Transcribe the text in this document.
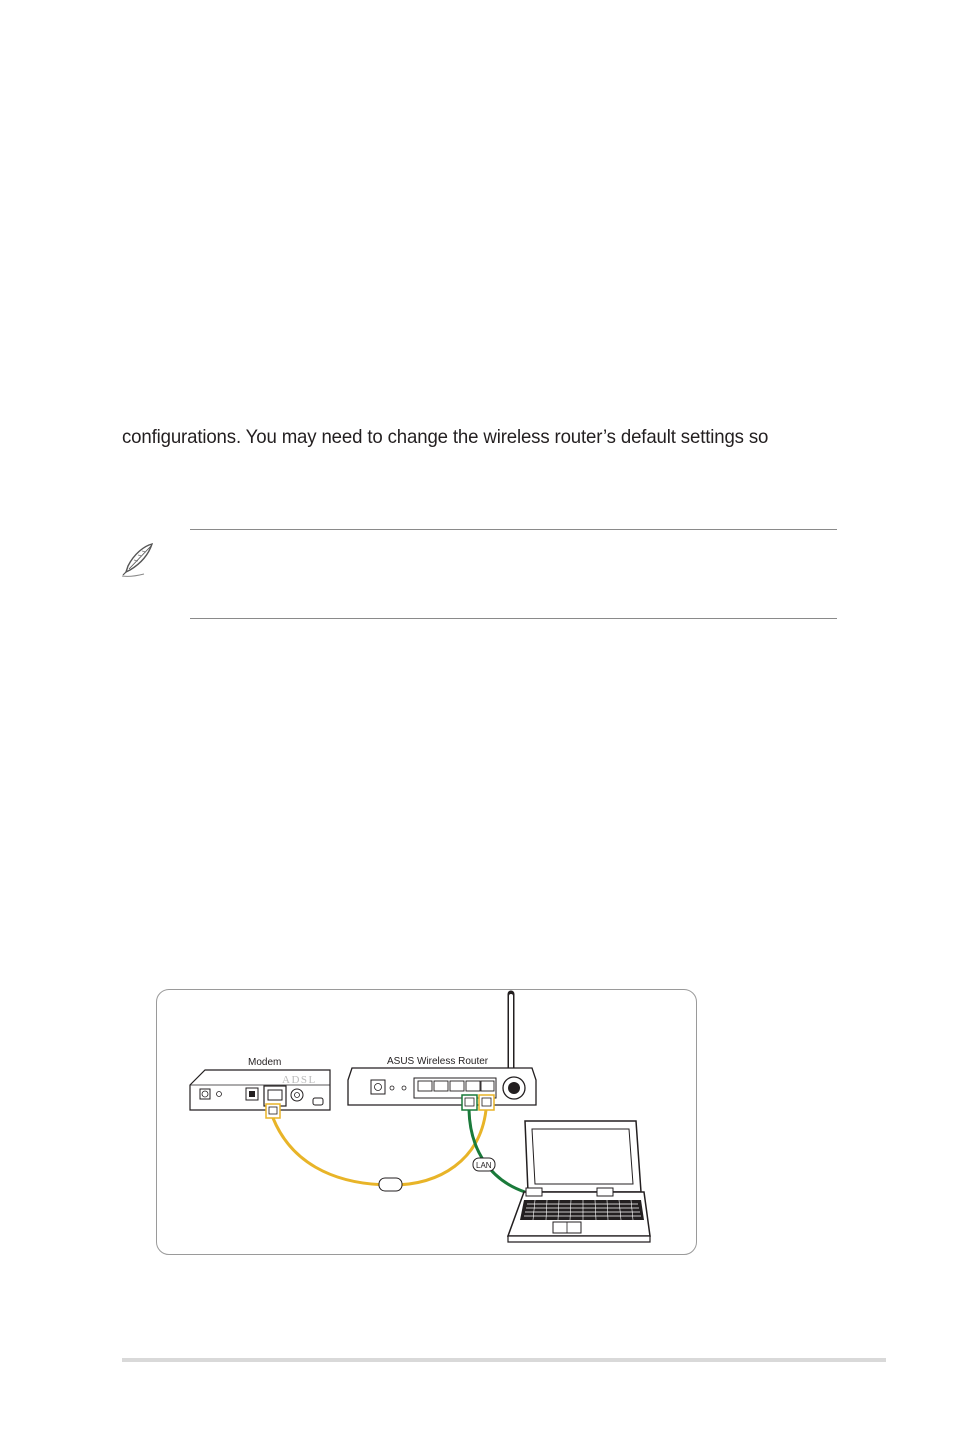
configurations. You may need to change the wireless router’s default settings so
Modem
ADSL
ASUS Wireless Router
LAN
